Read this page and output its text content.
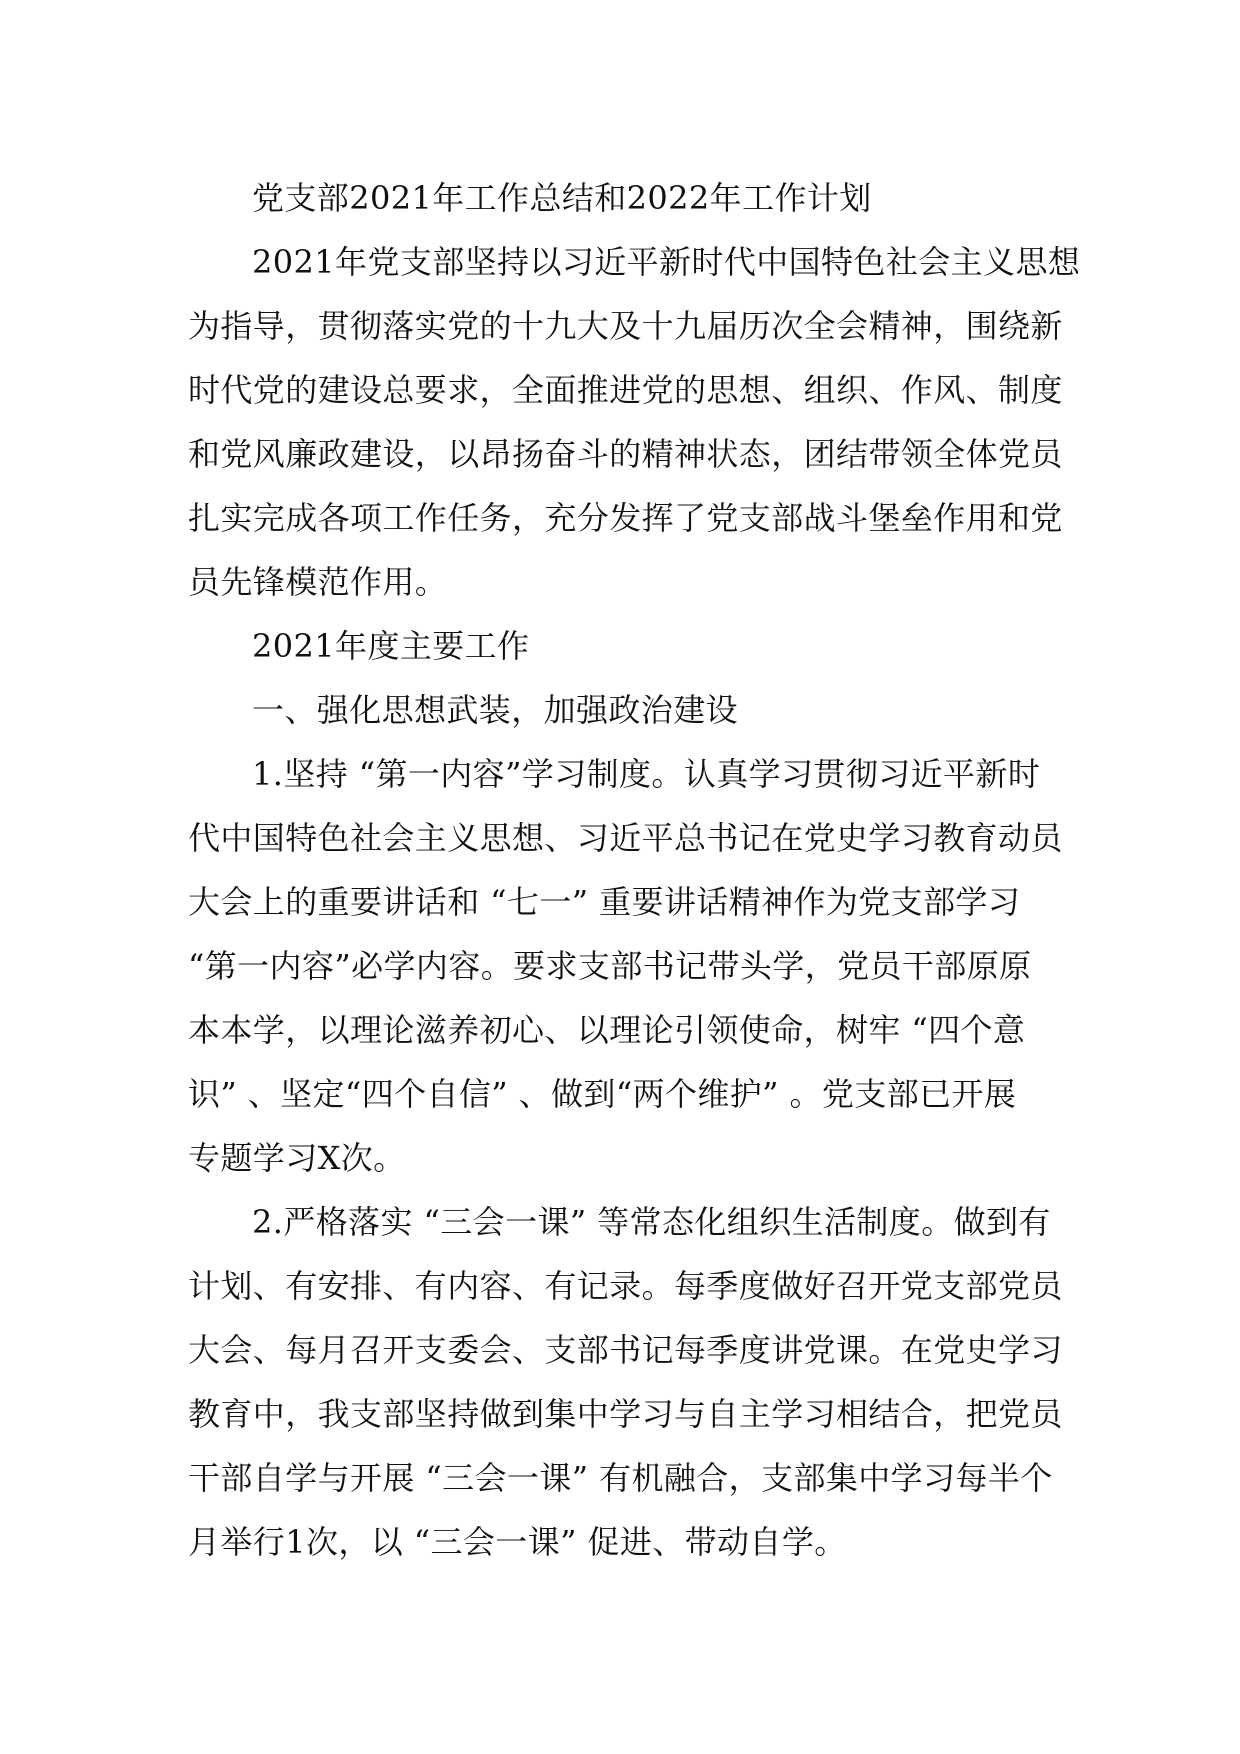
党支部2021年工作总结和2022年工作计划
2021年党支部坚持以习近平新时代中国特色社会主义思想
为指导，贯彻落实党的十九大及十九届历次全会精神，围绕新
时代党的建设总要求，全面推进党的思想、组织、作风、制度
和党风廉政建设，以昂扬奋斗的精神状态，团结带领全体党员
扎实完成各项工作任务，充分发挥了党支部战斗堡垒作用和党
员先锋模范作用。
2021年度主要工作
一、强化思想武装，加强政治建设
1.坚持 “第一内容”学习制度。认真学习贯彻习近平新时
代中国特色社会主义思想、习近平总书记在党史学习教育动员
大会上的重要讲话和 “七一” 重要讲话精神作为党支部学习
“第一内容”必学内容。要求支部书记带头学，党员干部原原
本本学，以理论滋养初心、以理论引领使命，树牢 “四个意
识” 、坚定“四个自信” 、做到“两个维护” 。党支部已开展
专题学习X次。
2.严格落实 “三会一课” 等常态化组织生活制度。做到有
计划、有安排、有内容、有记录。每季度做好召开党支部党员
大会、每月召开支委会、支部书记每季度讲党课。在党史学习
教育中，我支部坚持做到集中学习与自主学习相结合，把党员
干部自学与开展 “三会一课” 有机融合，支部集中学习每半个
月举行1次，以 “三会一课” 促进、带动自学。
